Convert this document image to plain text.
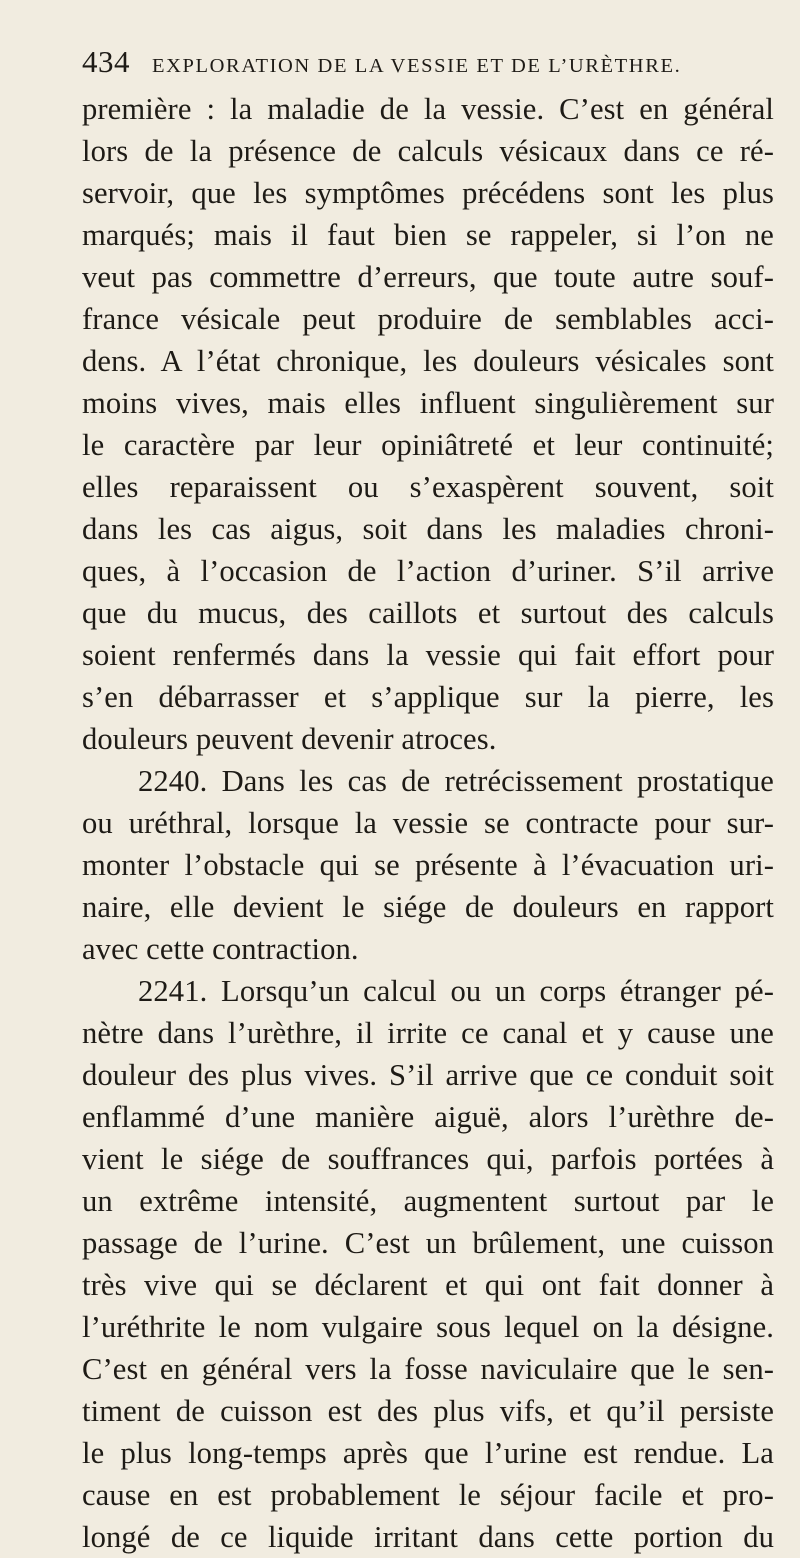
434 EXPLORATION DE LA VESSIE ET DE L’URÈTHRE.
première : la maladie de la vessie. C’est en général
lors de la présence de calculs vésicaux dans ce ré-
servoir, que les symptômes précédens sont les plus
marqués; mais il faut bien se rappeler, si l’on ne
veut pas commettre d’erreurs, que toute autre souf-
france vésicale peut produire de semblables acci-
dens. A l’état chronique, les douleurs vésicales sont
moins vives, mais elles influent singulièrement sur
le caractère par leur opiniâtreté et leur continuité;
elles reparaissent ou s’exaspèrent souvent, soit
dans les cas aigus, soit dans les maladies chroni-
ques, à l’occasion de l’action d’uriner. S’il arrive
que du mucus, des caillots et surtout des calculs
soient renfermés dans la vessie qui fait effort pour
s’en débarrasser et s’applique sur la pierre, les
douleurs peuvent devenir atroces.
2240. Dans les cas de retrécissement prostatique
ou uréthral, lorsque la vessie se contracte pour sur-
monter l’obstacle qui se présente à l’évacuation uri-
naire, elle devient le siége de douleurs en rapport
avec cette contraction.
2241. Lorsqu’un calcul ou un corps étranger pé-
nètre dans l’urèthre, il irrite ce canal et y cause une
douleur des plus vives. S’il arrive que ce conduit soit
enflammé d’une manière aiguë, alors l’urèthre de-
vient le siége de souffrances qui, parfois portées à
un extrême intensité, augmentent surtout par le
passage de l’urine. C’est un brûlement, une cuisson
très vive qui se déclarent et qui ont fait donner à
l’uréthrite le nom vulgaire sous lequel on la désigne.
C’est en général vers la fosse naviculaire que le sen-
timent de cuisson est des plus vifs, et qu’il persiste
le plus long-temps après que l’urine est rendue. La
cause en est probablement le séjour facile et pro-
longé de ce liquide irritant dans cette portion du
